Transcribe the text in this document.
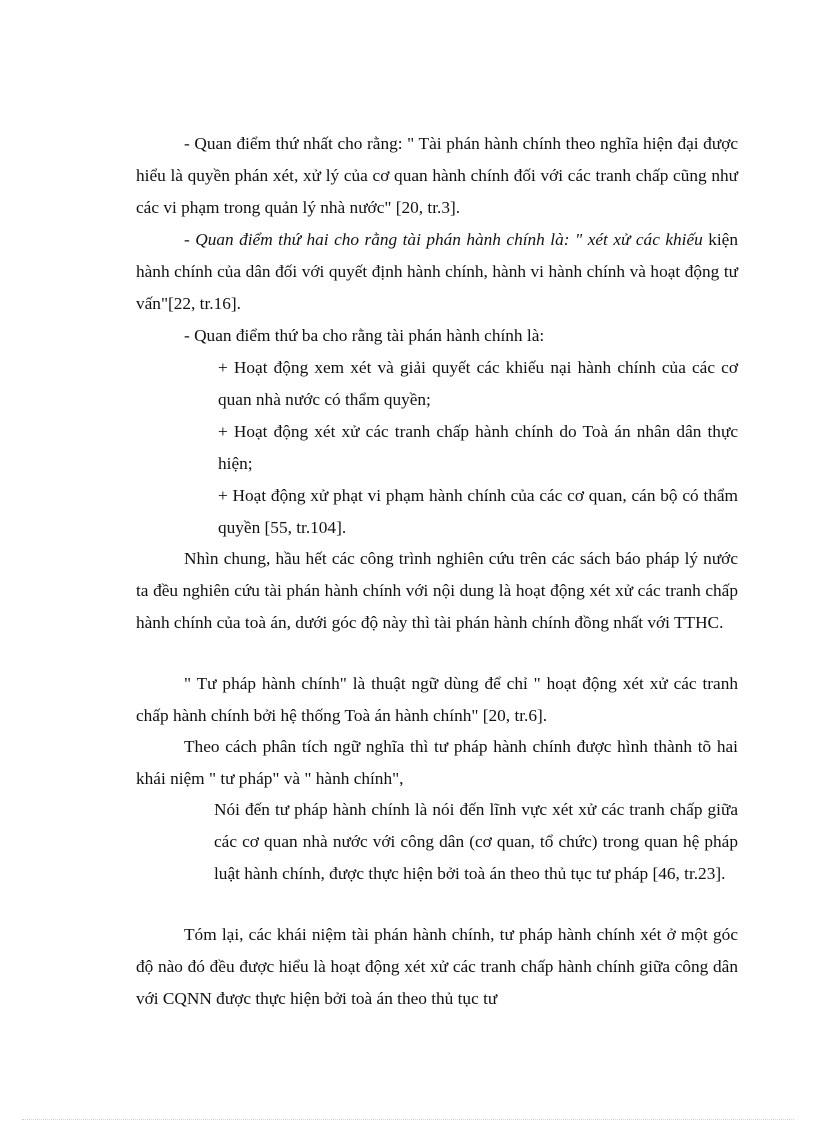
- Quan điểm thứ nhất cho rằng: " Tài phán hành chính theo nghĩa hiện đại được hiểu là quyền phán xét, xử lý của cơ quan hành chính đối với các tranh chấp cũng như các vi phạm trong quản lý nhà nước" [20, tr.3].

- Quan điểm thứ hai cho rằng tài phán hành chính là: " xét xử các khiếu kiện hành chính của dân đối với quyết định hành chính, hành vi hành chính và hoạt động tư vấn"[22, tr.16].

- Quan điểm thứ ba cho rằng tài phán hành chính là:

+ Hoạt động xem xét và giải quyết các khiếu nại hành chính của các cơ quan nhà nước có thẩm quyền;

+ Hoạt động xét xử các tranh chấp hành chính do Toà án nhân dân thực hiện;

+ Hoạt động xử phạt vi phạm hành chính của các cơ quan, cán bộ có thẩm quyền [55, tr.104].

Nhìn chung, hầu hết các công trình nghiên cứu trên các sách báo pháp lý nước ta đều nghiên cứu tài phán hành chính với nội dung là hoạt động xét xử các tranh chấp hành chính của toà án, dưới góc độ này thì tài phán hành chính đồng nhất với TTHC.

" Tư pháp hành chính" là thuật ngữ dùng để chỉ " hoạt động xét xử các tranh chấp hành chính bởi hệ thống Toà án hành chính" [20, tr.6].

Theo cách phân tích ngữ nghĩa thì tư pháp hành chính được hình thành tõ hai khái niệm " tư pháp" và " hành chính",

Nói đến tư pháp hành chính là nói đến lĩnh vực xét xử các tranh chấp giữa các cơ quan nhà nước với công dân (cơ quan, tổ chức) trong quan hệ pháp luật hành chính, được thực hiện bởi toà án theo thủ tục tư pháp [46, tr.23].

Tóm lại, các khái niệm tài phán hành chính, tư pháp hành chính xét ở một góc độ nào đó đều được hiểu là hoạt động xét xử các tranh chấp hành chính giữa công dân với CQNN được thực hiện bởi toà án theo thủ tục tư
